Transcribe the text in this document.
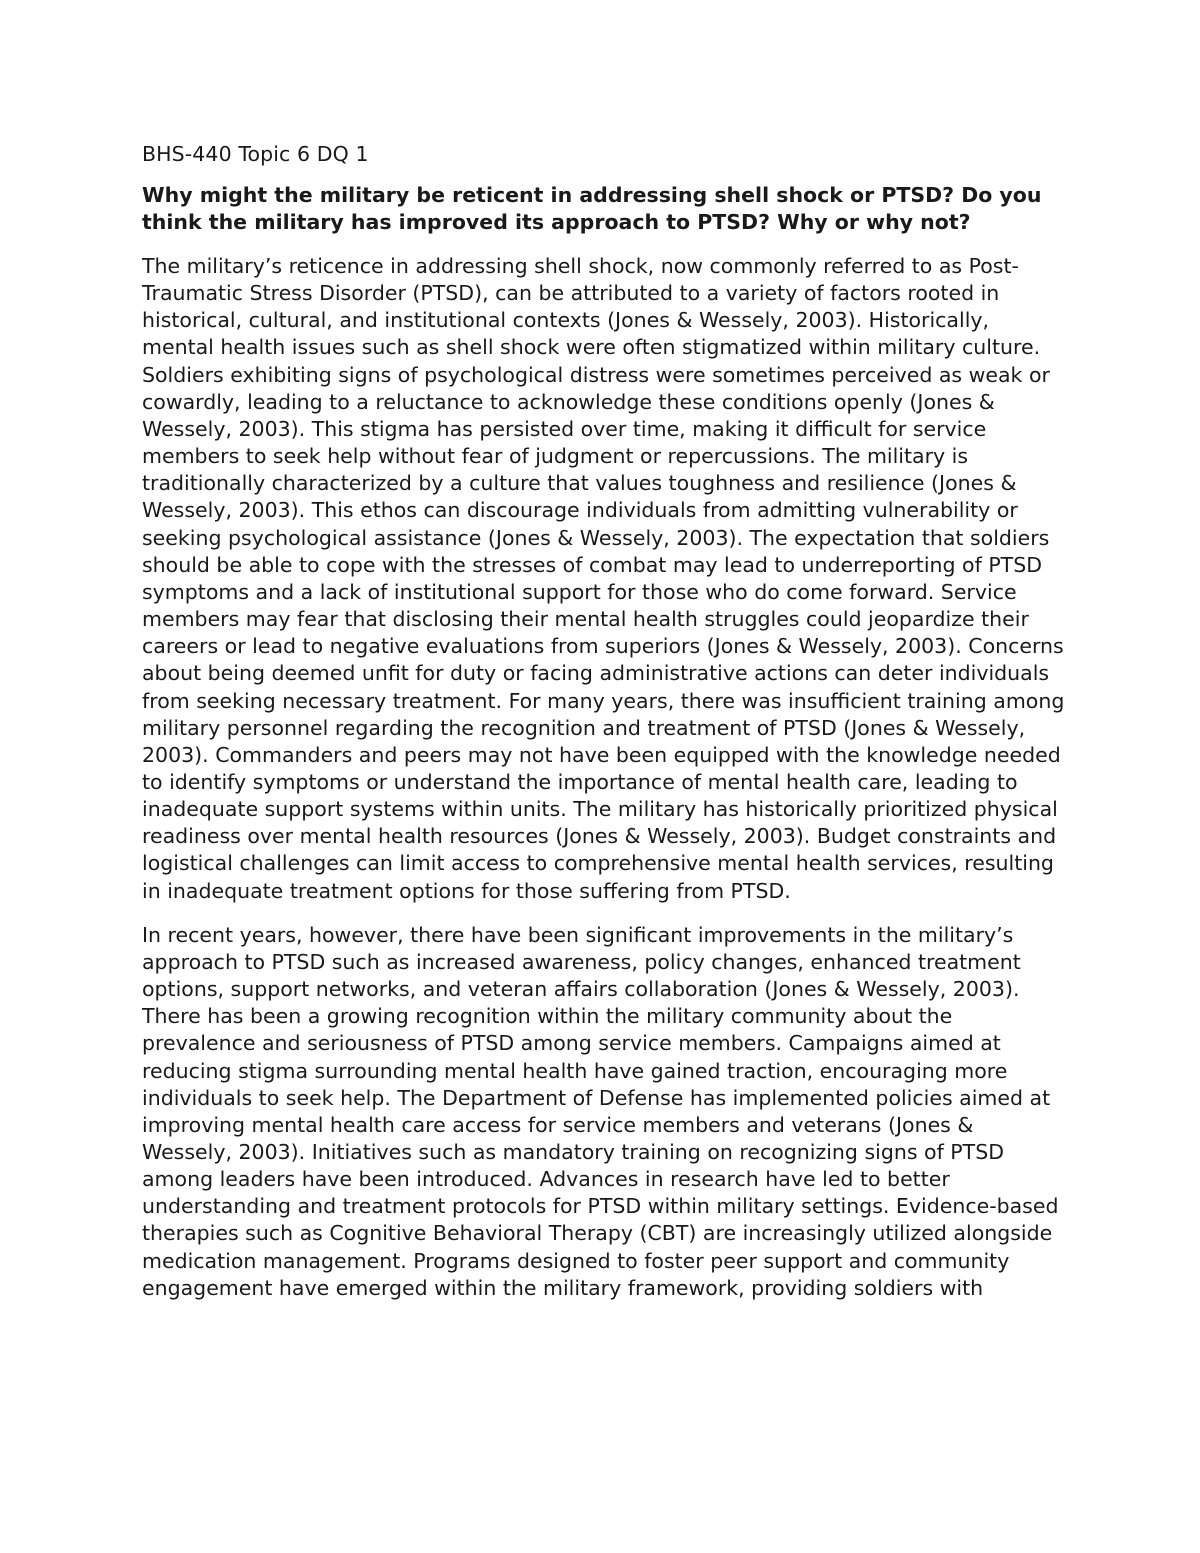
BHS-440 Topic 6 DQ 1
Why might the military be reticent in addressing shell shock or PTSD? Do you think the military has improved its approach to PTSD? Why or why not?

The military’s reticence in addressing shell shock, now commonly referred to as Post-Traumatic Stress Disorder (PTSD), can be attributed to a variety of factors rooted in historical, cultural, and institutional contexts (Jones & Wessely, 2003). Historically, mental health issues such as shell shock were often stigmatized within military culture. Soldiers exhibiting signs of psychological distress were sometimes perceived as weak or cowardly, leading to a reluctance to acknowledge these conditions openly (Jones & Wessely, 2003). This stigma has persisted over time, making it difficult for service members to seek help without fear of judgment or repercussions. The military is traditionally characterized by a culture that values toughness and resilience (Jones & Wessely, 2003). This ethos can discourage individuals from admitting vulnerability or seeking psychological assistance (Jones & Wessely, 2003). The expectation that soldiers should be able to cope with the stresses of combat may lead to underreporting of PTSD symptoms and a lack of institutional support for those who do come forward. Service members may fear that disclosing their mental health struggles could jeopardize their careers or lead to negative evaluations from superiors (Jones & Wessely, 2003). Concerns about being deemed unfit for duty or facing administrative actions can deter individuals from seeking necessary treatment. For many years, there was insufficient training among military personnel regarding the recognition and treatment of PTSD (Jones & Wessely, 2003). Commanders and peers may not have been equipped with the knowledge needed to identify symptoms or understand the importance of mental health care, leading to inadequate support systems within units. The military has historically prioritized physical readiness over mental health resources (Jones & Wessely, 2003). Budget constraints and logistical challenges can limit access to comprehensive mental health services, resulting in inadequate treatment options for those suffering from PTSD.

In recent years, however, there have been significant improvements in the military’s approach to PTSD such as increased awareness, policy changes, enhanced treatment options, support networks, and veteran affairs collaboration (Jones & Wessely, 2003). There has been a growing recognition within the military community about the prevalence and seriousness of PTSD among service members. Campaigns aimed at reducing stigma surrounding mental health have gained traction, encouraging more individuals to seek help. The Department of Defense has implemented policies aimed at improving mental health care access for service members and veterans (Jones & Wessely, 2003). Initiatives such as mandatory training on recognizing signs of PTSD among leaders have been introduced. Advances in research have led to better understanding and treatment protocols for PTSD within military settings. Evidence-based therapies such as Cognitive Behavioral Therapy (CBT) are increasingly utilized alongside medication management. Programs designed to foster peer support and community engagement have emerged within the military framework, providing soldiers with
